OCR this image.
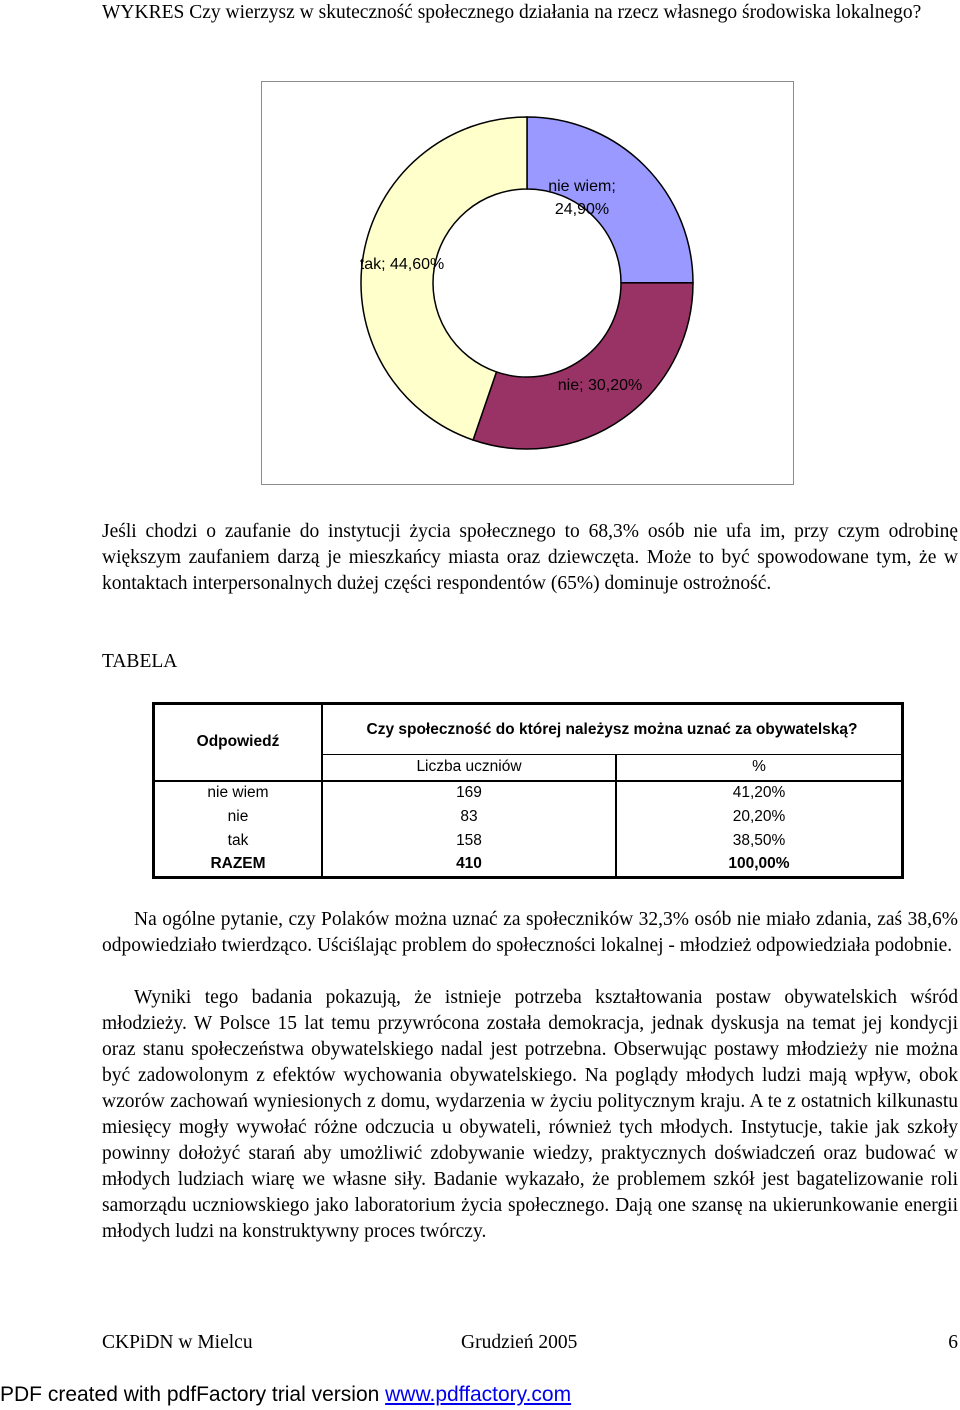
WYKRES Czy wierzysz w skuteczność społecznego działania na rzecz własnego środowiska lokalnego?

nie wiem;
24,90%
nie; 30,20%
tak; 44,60%

Jeśli chodzi o zaufanie do instytucji życia społecznego to 68,3% osób nie ufa im, przy czym odrobinę większym zaufaniem darzą je mieszkańcy miasta oraz dziewczęta. Może to być spowodowane tym, że w kontaktach interpersonalnych dużej części respondentów (65%) dominuje ostrożność.

TABELA

Odpowiedź	Czy społeczność do której należysz można uznać za obywatelską?	
	Liczba uczniów	%
nie wiem	169	41,20%
nie	83	20,20%
tak	158	38,50%
RAZEM	410	100,00%

Na ogólne pytanie, czy Polaków można uznać za społeczników 32,3% osób nie miało zdania, zaś 38,6% odpowiedziało twierdząco. Uściślając problem do społeczności lokalnej - młodzież odpowiedziała podobnie.

Wyniki tego badania pokazują, że istnieje potrzeba kształtowania postaw obywatelskich wśród młodzieży. W Polsce 15 lat temu przywrócona została demokracja, jednak dyskusja na temat jej kondycji oraz stanu społeczeństwa obywatelskiego nadal jest potrzebna. Obserwując postawy młodzieży nie można być zadowolonym z efektów wychowania obywatelskiego. Na poglądy młodych ludzi mają wpływ, obok wzorów zachowań wyniesionych z domu, wydarzenia w życiu politycznym kraju. A te z ostatnich kilkunastu miesięcy mogły wywołać różne odczucia u obywateli, również tych młodych. Instytucje, takie jak szkoły powinny dołożyć starań aby umożliwić zdobywanie wiedzy, praktycznych doświadczeń oraz budować w młodych ludziach wiarę we własne siły. Badanie wykazało, że problemem szkół jest bagatelizowanie roli samorządu uczniowskiego jako laboratorium życia społecznego. Dają one szansę na ukierunkowanie energii młodych ludzi na konstruktywny proces twórczy.

CKPiDN w Mielcu	Grudzień 2005	6
PDF created with pdfFactory trial version www.pdffactory.com
